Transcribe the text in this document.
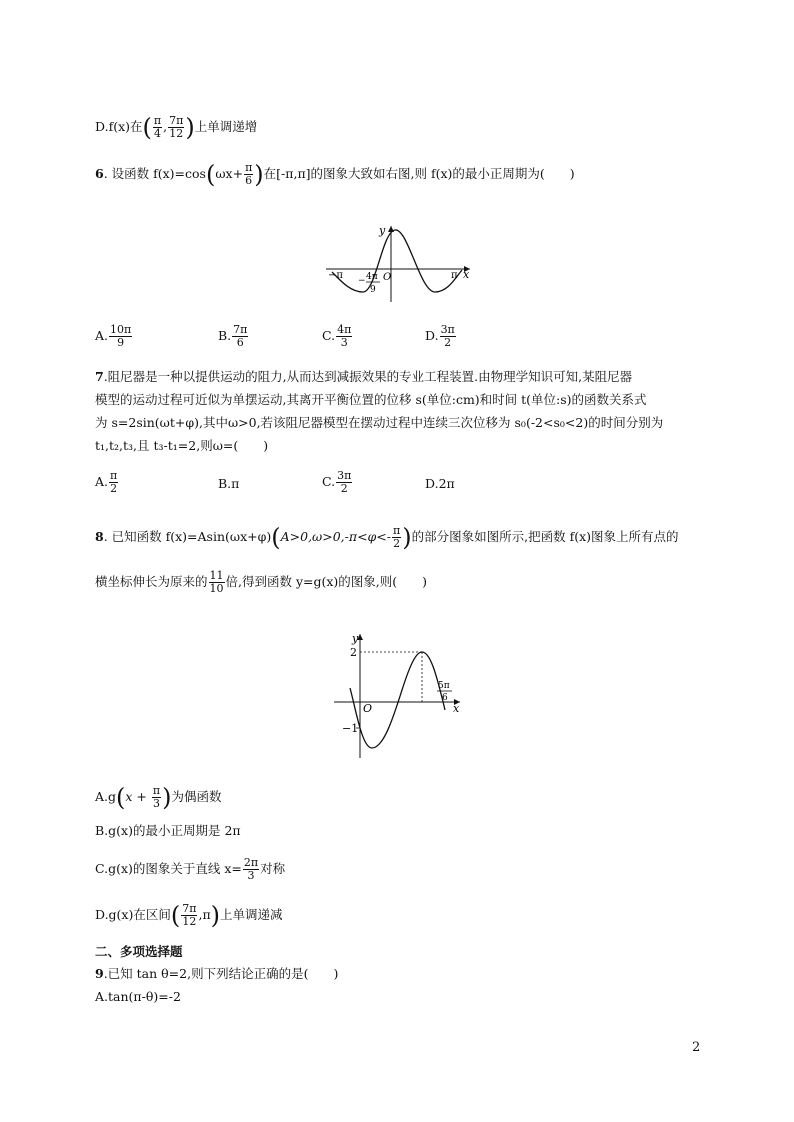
D.f(x)在( $\frac{\pi}{4}$ , $\frac{7\pi}{12}$ )上单调递增
6. 设函数 $f(x)=\cos(\omega x+ \frac{\pi}{6}$ )在[-π,π]的图象大致如右图,则 f(x)的最小正周期为(　　)
y
x
−π	π
O
− 4π
9
A. $\frac{10\pi}{9}$	B. $\frac{7\pi}{6}$	C. $\frac{4\pi}{3}$	D. $\frac{3\pi}{2}$
7.阻尼器是一种以提供运动的阻力,从而达到减振效果的专业工程装置.由物理学知识可知,某阻尼器
模型的运动过程可近似为单摆运动,其离开平衡位置的位移 s(单位:cm)和时间 t(单位:s)的函数关系式
为 s=2sin(ωt+φ),其中ω>0,若该阻尼器模型在摆动过程中连续三次位移为 s₀(-2<s₀<2)的时间分别为
t₁,t₂,t₃,且 t₃-t₁=2,则ω=(　　)
A. $\frac{\pi}{2}$	B.π	C. $\frac{3\pi}{2}$	D.2π
8. 已知函数 $f(x)=Asin(\omega x+\varphi)(A>0,\omega>0,-\pi<\varphi<- \frac{\pi}{2}$ )的部分图象如图所示,把函数 f(x)图象上所有点的
横坐标伸长为原来的 $\frac{11}{10}$ 倍,得到函数 y=g(x)的图象,则(　　)
y
x
O
2
−1
5π
6
$A.g(x + \frac{\pi}{3}$ )为偶函数
B.g(x)的最小正周期是 2π
C.g(x)的图象关于直线 $x= \frac{2\pi}{3}$ 对称
D.g(x)在区间( $\frac{7\pi}{12} ,\pi$)上单调递减
二、多项选择题
9.已知 tan θ=2,则下列结论正确的是(　　)
A.tan(π-θ)=-2
2
